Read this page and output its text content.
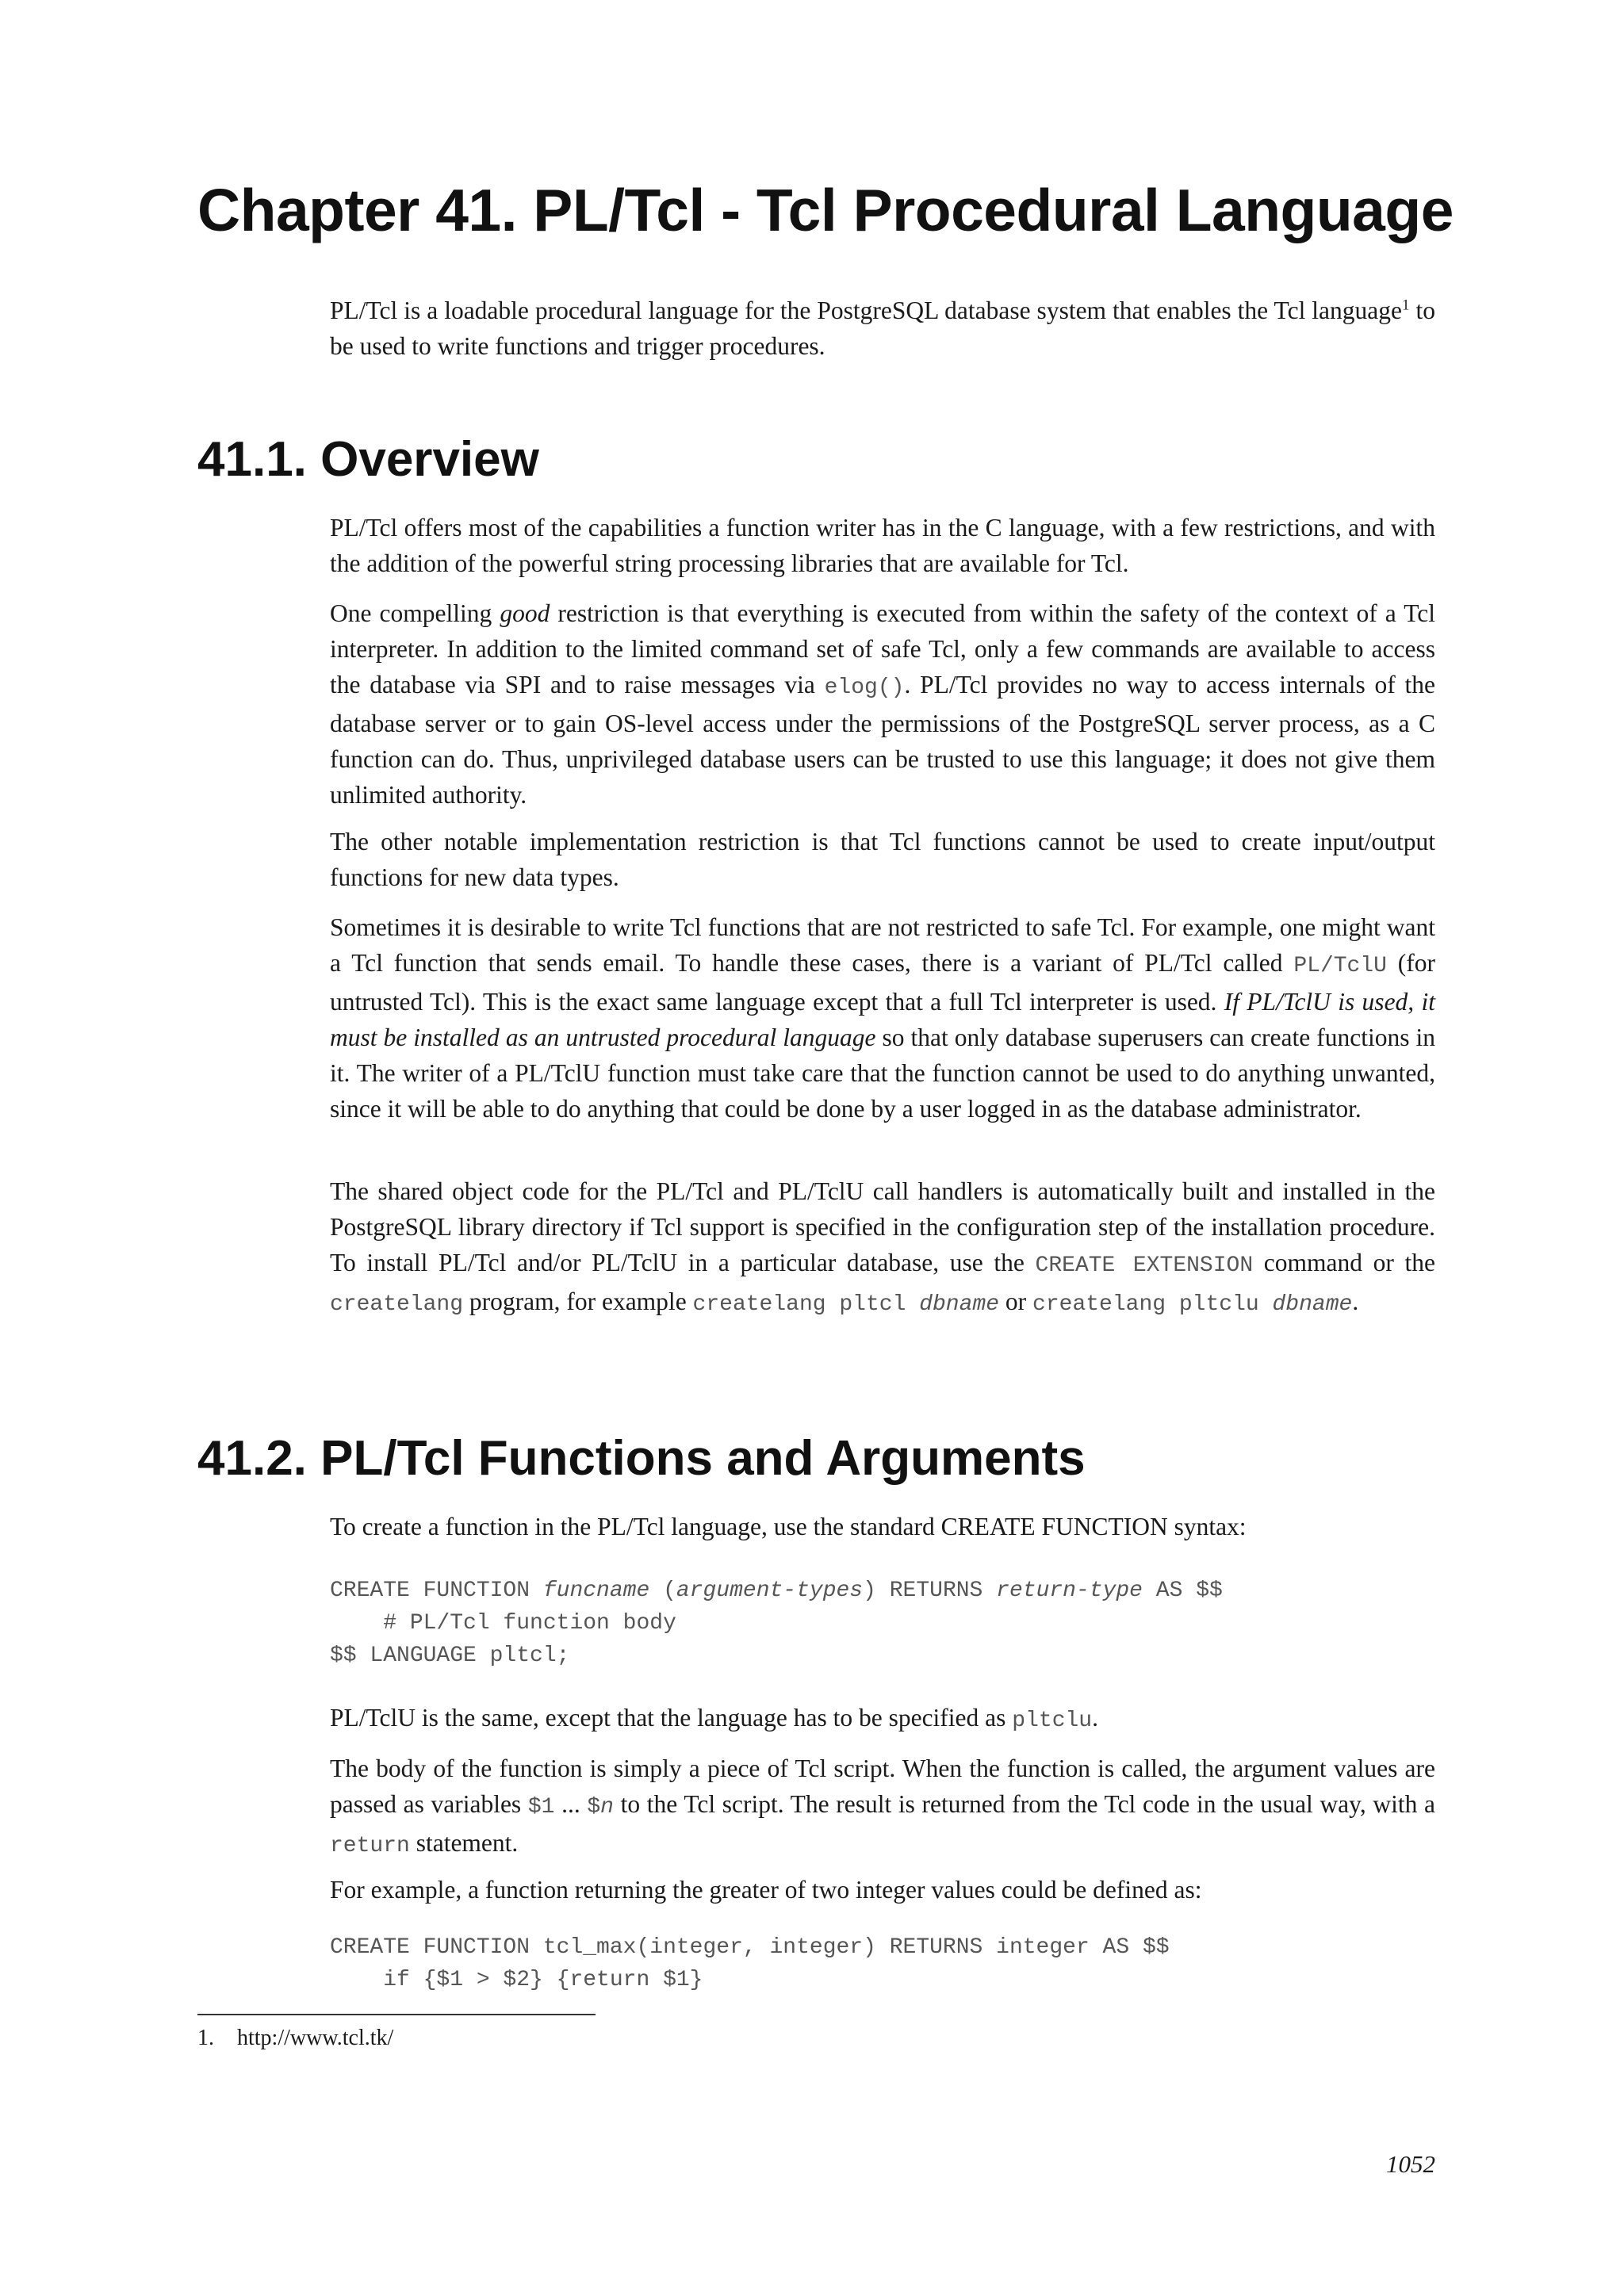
Chapter 41. PL/Tcl - Tcl Procedural Language

PL/Tcl is a loadable procedural language for the PostgreSQL database system that enables the Tcl language$^1$ to be used to write functions and trigger procedures.

41.1. Overview

PL/Tcl offers most of the capabilities a function writer has in the C language, with a few restrictions, and with the addition of the powerful string processing libraries that are available for Tcl.

One compelling good restriction is that everything is executed from within the safety of the context of a Tcl interpreter. In addition to the limited command set of safe Tcl, only a few commands are available to access the database via SPI and to raise messages via elog(). PL/Tcl provides no way to access internals of the database server or to gain OS-level access under the permissions of the PostgreSQL server process, as a C function can do. Thus, unprivileged database users can be trusted to use this language; it does not give them unlimited authority.

The other notable implementation restriction is that Tcl functions cannot be used to create input/output functions for new data types.

Sometimes it is desirable to write Tcl functions that are not restricted to safe Tcl. For example, one might want a Tcl function that sends email. To handle these cases, there is a variant of PL/Tcl called PL/TclU (for untrusted Tcl). This is the exact same language except that a full Tcl interpreter is used. If PL/TclU is used, it must be installed as an untrusted procedural language so that only database superusers can create functions in it. The writer of a PL/TclU function must take care that the function cannot be used to do anything unwanted, since it will be able to do anything that could be done by a user logged in as the database administrator.

The shared object code for the PL/Tcl and PL/TclU call handlers is automatically built and installed in the PostgreSQL library directory if Tcl support is specified in the configuration step of the installation procedure. To install PL/Tcl and/or PL/TclU in a particular database, use the CREATE EXTENSION command or the createlang program, for example createlang pltcl dbname or createlang pltclu dbname.

41.2. PL/Tcl Functions and Arguments

To create a function in the PL/Tcl language, use the standard CREATE FUNCTION syntax:

CREATE FUNCTION funcname (argument-types) RETURNS return-type AS $$
# PL/Tcl function body
$$ LANGUAGE pltcl;

PL/TclU is the same, except that the language has to be specified as pltclu.

The body of the function is simply a piece of Tcl script. When the function is called, the argument values are passed as variables $1 ... $n to the Tcl script. The result is returned from the Tcl code in the usual way, with a return statement.

For example, a function returning the greater of two integer values could be defined as:

CREATE FUNCTION tcl_max(integer, integer) RETURNS integer AS $$
if {$1 > $2} {return $1}

1. http://www.tcl.tk/

1052
